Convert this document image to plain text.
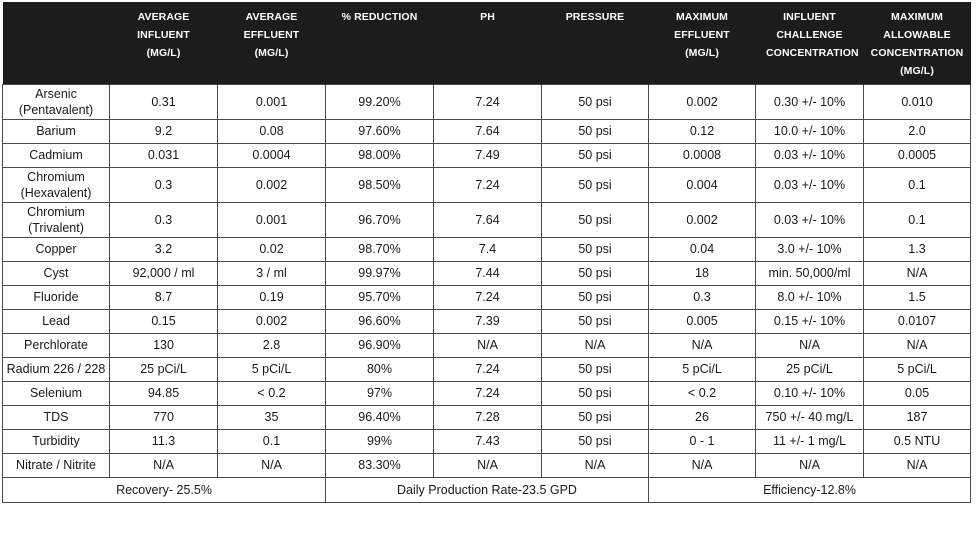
	AVERAGE INFLUENT (MG/L)	AVERAGE EFFLUENT (MG/L)	% REDUCTION	PH	PRESSURE	MAXIMUM EFFLUENT (MG/L)	INFLUENT CHALLENGE CONCENTRATION	MAXIMUM ALLOWABLE CONCENTRATION (MG/L)

Arsenic
(Pentavalent)	0.31	0.001	99.20%	7.24	50 psi	0.002	0.30 +/- 10%	0.010

Barium	9.2	0.08	97.60%	7.64	50 psi	0.12	10.0 +/- 10%	2.0

Cadmium	0.031	0.0004	98.00%	7.49	50 psi	0.0008	0.03 +/- 10%	0.0005

Chromium
(Hexavalent)	0.3	0.002	98.50%	7.24	50 psi	0.004	0.03 +/- 10%	0.1

Chromium
(Trivalent)	0.3	0.001	96.70%	7.64	50 psi	0.002	0.03 +/- 10%	0.1

Copper	3.2	0.02	98.70%	7.4	50 psi	0.04	3.0 +/- 10%	1.3

Cyst	92,000 / ml	3 / ml	99.97%	7.44	50 psi	18	min. 50,000/ml	N/A

Fluoride	8.7	0.19	95.70%	7.24	50 psi	0.3	8.0 +/- 10%	1.5

Lead	0.15	0.002	96.60%	7.39	50 psi	0.005	0.15 +/- 10%	0.0107

Perchlorate	130	2.8	96.90%	N/A	N/A	N/A	N/A	N/A

Radium 226 / 228	25 pCi/L	5 pCi/L	80%	7.24	50 psi	5 pCi/L	25 pCi/L	5 pCi/L

Selenium	94.85	< 0.2	97%	7.24	50 psi	< 0.2	0.10 +/- 10%	0.05

TDS	770	35	96.40%	7.28	50 psi	26	750 +/- 40 mg/L	187

Turbidity	11.3	0.1	99%	7.43	50 psi	0 - 1	11 +/- 1 mg/L	0.5 NTU

Nitrate / Nitrite	N/A	N/A	83.30%	N/A	N/A	N/A	N/A	N/A
Recovery- 25.5%			Daily Production Rate-23.5 GPD			Efficiency-12.8%		
